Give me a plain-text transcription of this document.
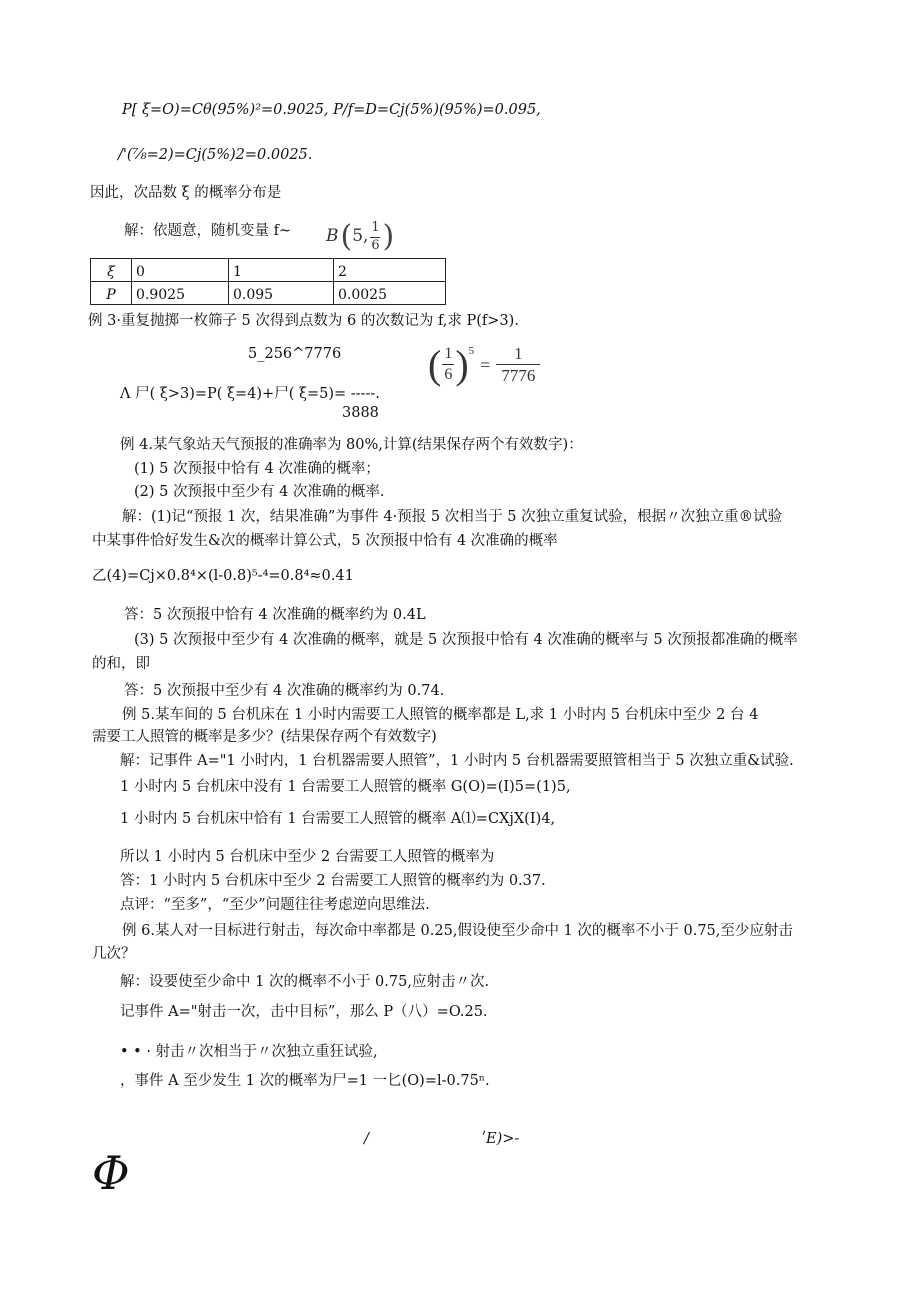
P[ ξ=O)=Cθ(95%)²=0.9025, P/f=D=Cj(5%)(95%)=0.095,
/'(⅞=2)=Cj(5%)2=0.0025.
因此，次品数 ξ 的概率分布是
解：依题意，随机变量 f~ B ( 5 , $\frac{1}{6}$ )
ξ	0	1	2
P	0.9025	0.095	0.0025
例 3·重复抛掷一枚筛子 5 次得到点数为 6 的次数记为 f,求 P(f>3).
5_256^7776 ( 1
6 ) 5
=
1
7776
Λ 尸( ξ>3)=P( ξ=4)+尸( ξ=5)= -----.
3888
例 4.某气象站天气预报的准确率为 80%,计算(结果保存两个有效数字)：
(1) 5 次预报中恰有 4 次准确的概率；
(2) 5 次预报中至少有 4 次准确的概率.
解：(1)记“预报 1 次，结果准确”为事件 4·预报 5 次相当于 5 次独立重复试验，根据〃次独立重®试验
中某事件恰好发生&次的概率计算公式，5 次预报中恰有 4 次准确的概率
乙(4)=Cj×0.8⁴×(l-0.8)⁵-⁴=0.8⁴≈0.41
答：5 次预报中恰有 4 次准确的概率约为 0.4L
(3) 5 次预报中至少有 4 次准确的概率，就是 5 次预报中恰有 4 次准确的概率与 5 次预报都准确的概率
的和，即
答：5 次预报中至少有 4 次准确的概率约为 0.74.
例 5.某车间的 5 台机床在 1 小时内需要工人照管的概率都是 L,求 1 小时内 5 台机床中至少 2 台 4
需要工人照管的概率是多少？(结果保存两个有效数字)
解：记事件 A="1 小时内，1 台机器需要人照管”，1 小时内 5 台机器需要照管相当于 5 次独立重&试验.
1 小时内 5 台机床中没有 1 台需要工人照管的概率 G(O)=(I)5=(1)5,
1 小时内 5 台机床中恰有 1 台需要工人照管的概率 A⑴=CXjX(I)4,
所以 1 小时内 5 台机床中至少 2 台需要工人照管的概率为
答：1 小时内 5 台机床中至少 2 台需要工人照管的概率约为 0.37.
点评：“至多”，“至少”问题往往考虑逆向思维法.
例 6.某人对一目标进行射击，每次命中率都是 0.25,假设使至少命中 1 次的概率不小于 0.75,至少应射击
几次？
解：设要使至少命中 1 次的概率不小于 0.75,应射击〃次.
记事件 A="射击一次，击中目标”，那么 P（八）=O.25.
• • · 射击〃次相当于〃次独立重狂试验,
，事件 A 至少发生 1 次的概率为尸=1 一匕(O)=l-0.75ⁿ.
/	ʹE)>-
Φ
